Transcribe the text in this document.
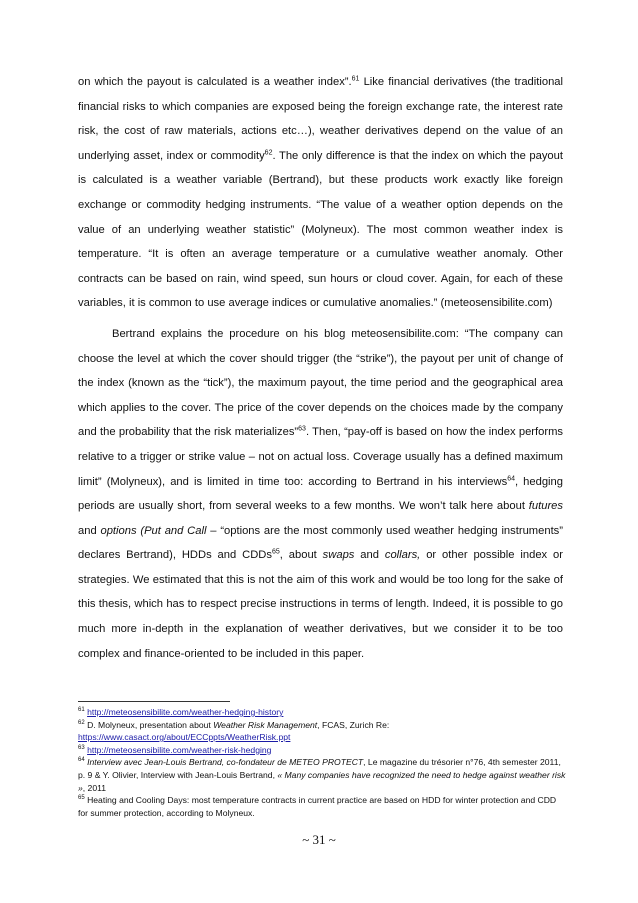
on which the payout is calculated is a weather index”.$^{61}$ Like financial derivatives (the traditional financial risks to which companies are exposed being the foreign exchange rate, the interest rate risk, the cost of raw materials, actions etc…), weather derivatives depend on the value of an underlying asset, index or commodity$^{62}$. The only difference is that the index on which the payout is calculated is a weather variable (Bertrand), but these products work exactly like foreign exchange or commodity hedging instruments. “The value of a weather option depends on the value of an underlying weather statistic” (Molyneux). The most common weather index is temperature. “It is often an average temperature or a cumulative weather anomaly. Other contracts can be based on rain, wind speed, sun hours or cloud cover. Again, for each of these variables, it is common to use average indices or cumulative anomalies.” (meteosensibilite.com)

Bertrand explains the procedure on his blog meteosensibilite.com: “The company can choose the level at which the cover should trigger (the “strike”), the payout per unit of change of the index (known as the “tick”), the maximum payout, the time period and the geographical area which applies to the cover. The price of the cover depends on the choices made by the company and the probability that the risk materializes”$^{63}$. Then, “pay-off is based on how the index performs relative to a trigger or strike value – not on actual loss. Coverage usually has a defined maximum limit” (Molyneux), and is limited in time too: according to Bertrand in his interviews$^{64}$, hedging periods are usually short, from several weeks to a few months. We won’t talk here about futures and options (Put and Call – “options are the most commonly used weather hedging instruments” declares Bertrand), HDDs and CDDs$^{65}$, about swaps and collars, or other possible index or strategies. We estimated that this is not the aim of this work and would be too long for the sake of this thesis, which has to respect precise instructions in terms of length. Indeed, it is possible to go much more in-depth in the explanation of weather derivatives, but we consider it to be too complex and finance-oriented to be included in this paper.

$^{61}$ http://meteosensibilite.com/weather-hedging-history
$^{62}$ D. Molyneux, presentation about Weather Risk Management, FCAS, Zurich Re:
https://www.casact.org/about/ECCppts/WeatherRisk.ppt
$^{63}$ http://meteosensibilite.com/weather-risk-hedging
$^{64}$ Interview avec Jean-Louis Bertrand, co-fondateur de METEO PROTECT, Le magazine du trésorier n°76, 4th semester 2011, p. 9 & Y. Olivier, Interview with Jean-Louis Bertrand, « Many companies have recognized the need to hedge against weather risk », 2011
$^{65}$ Heating and Cooling Days: most temperature contracts in current practice are based on HDD for winter protection and CDD for summer protection, according to Molyneux.
~ 31 ~
